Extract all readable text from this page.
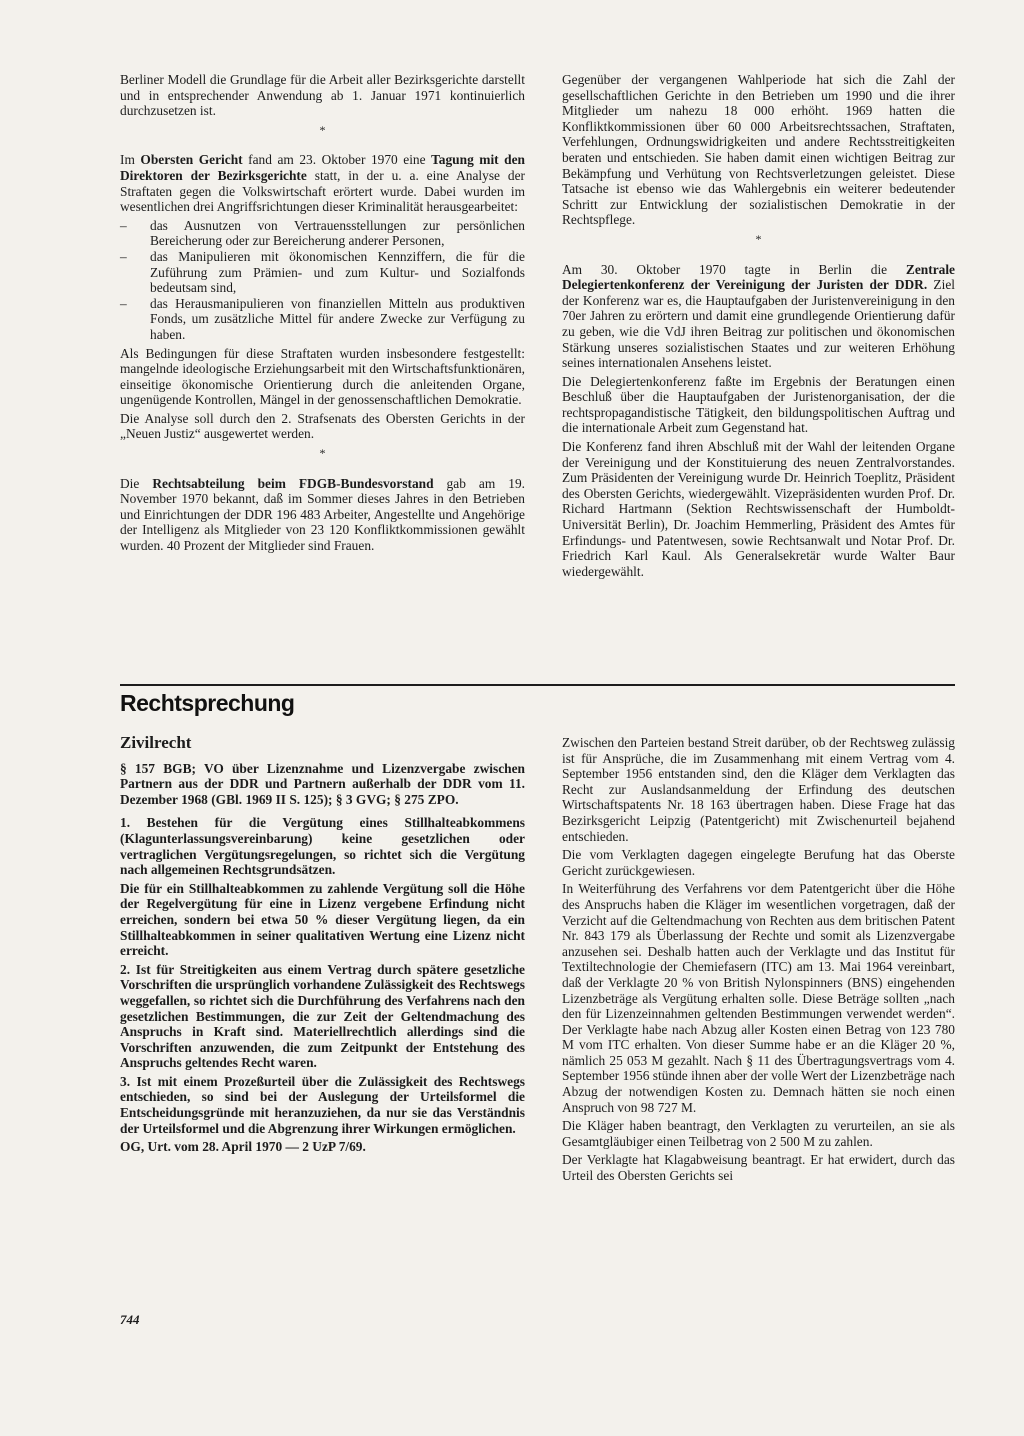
Berliner Modell die Grundlage für die Arbeit aller Bezirksgerichte darstellt und in entsprechender Anwendung ab 1. Januar 1971 kontinuierlich durchzusetzen ist.

*

Im Obersten Gericht fand am 23. Oktober 1970 eine Tagung mit den Direktoren der Bezirksgerichte statt, in der u. a. eine Analyse der Straftaten gegen die Volkswirtschaft erörtert wurde. Dabei wurden im wesentlichen drei Angriffsrichtungen dieser Kriminalität herausgearbeitet:

– das Ausnutzen von Vertrauensstellungen zur persönlichen Bereicherung oder zur Bereicherung anderer Personen,
– das Manipulieren mit ökonomischen Kennziffern, die für die Zuführung zum Prämien- und zum Kultur- und Sozialfonds bedeutsam sind,
– das Herausmanipulieren von finanziellen Mitteln aus produktiven Fonds, um zusätzliche Mittel für andere Zwecke zur Verfügung zu haben.

Als Bedingungen für diese Straftaten wurden insbesondere festgestellt: mangelnde ideologische Erziehungsarbeit mit den Wirtschaftsfunktionären, einseitige ökonomische Orientierung durch die anleitenden Organe, ungenügende Kontrollen, Mängel in der genossenschaftlichen Demokratie.

Die Analyse soll durch den 2. Strafsenats des Obersten Gerichts in der „Neuen Justiz“ ausgewertet werden.

*

Die Rechtsabteilung beim FDGB-Bundesvorstand gab am 19. November 1970 bekannt, daß im Sommer dieses Jahres in den Betrieben und Einrichtungen der DDR 196 483 Arbeiter, Angestellte und Angehörige der Intelligenz als Mitglieder von 23 120 Konfliktkommissionen gewählt wurden. 40 Prozent der Mitglieder sind Frauen.

Gegenüber der vergangenen Wahlperiode hat sich die Zahl der gesellschaftlichen Gerichte in den Betrieben um 1990 und die ihrer Mitglieder um nahezu 18 000 erhöht. 1969 hatten die Konfliktkommissionen über 60 000 Arbeitsrechtssachen, Straftaten, Verfehlungen, Ordnungswidrigkeiten und andere Rechtsstreitigkeiten beraten und entschieden. Sie haben damit einen wichtigen Beitrag zur Bekämpfung und Verhütung von Rechtsverletzungen geleistet. Diese Tatsache ist ebenso wie das Wahlergebnis ein weiterer bedeutender Schritt zur Entwicklung der sozialistischen Demokratie in der Rechtspflege.

*

Am 30. Oktober 1970 tagte in Berlin die Zentrale Delegiertenkonferenz der Vereinigung der Juristen der DDR. Ziel der Konferenz war es, die Hauptaufgaben der Juristenvereinigung in den 70er Jahren zu erörtern und damit eine grundlegende Orientierung dafür zu geben, wie die VdJ ihren Beitrag zur politischen und ökonomischen Stärkung unseres sozialistischen Staates und zur weiteren Erhöhung seines internationalen Ansehens leistet.

Die Delegiertenkonferenz faßte im Ergebnis der Beratungen einen Beschluß über die Hauptaufgaben der Juristenorganisation, der die rechtspropagandistische Tätigkeit, den bildungspolitischen Auftrag und die internationale Arbeit zum Gegenstand hat.

Die Konferenz fand ihren Abschluß mit der Wahl der leitenden Organe der Vereinigung und der Konstituierung des neuen Zentralvorstandes. Zum Präsidenten der Vereinigung wurde Dr. Heinrich Toeplitz, Präsident des Obersten Gerichts, wiedergewählt. Vizepräsidenten wurden Prof. Dr. Richard Hartmann (Sektion Rechtswissenschaft der Humboldt-Universität Berlin), Dr. Joachim Hemmerling, Präsident des Amtes für Erfindungs- und Patentwesen, sowie Rechtsanwalt und Notar Prof. Dr. Friedrich Karl Kaul. Als Generalsekretär wurde Walter Baur wiedergewählt.

Rechtsprechung
Zivilrecht

§ 157 BGB; VO über Lizenznahme und Lizenzvergabe zwischen Partnern aus der DDR und Partnern außerhalb der DDR vom 11. Dezember 1968 (GBl. 1969 II S. 125); § 3 GVG; § 275 ZPO.

1. Bestehen für die Vergütung eines Stillhalteabkommens (Klagunterlassungsvereinbarung) keine gesetzlichen oder vertraglichen Vergütungsregelungen, so richtet sich die Vergütung nach allgemeinen Rechtsgrundsätzen.

Die für ein Stillhalteabkommen zu zahlende Vergütung soll die Höhe der Regelvergütung für eine in Lizenz vergebene Erfindung nicht erreichen, sondern bei etwa 50 % dieser Vergütung liegen, da ein Stillhalteabkommen in seiner qualitativen Wertung eine Lizenz nicht erreicht.

2. Ist für Streitigkeiten aus einem Vertrag durch spätere gesetzliche Vorschriften die ursprünglich vorhandene Zulässigkeit des Rechtswegs weggefallen, so richtet sich die Durchführung des Verfahrens nach den gesetzlichen Bestimmungen, die zur Zeit der Geltendmachung des Anspruchs in Kraft sind. Materiellrechtlich allerdings sind die Vorschriften anzuwenden, die zum Zeitpunkt der Entstehung des Anspruchs geltendes Recht waren.

3. Ist mit einem Prozeßurteil über die Zulässigkeit des Rechtswegs entschieden, so sind bei der Auslegung der Urteilsformel die Entscheidungsgründe mit heranzuziehen, da nur sie das Verständnis der Urteilsformel und die Abgrenzung ihrer Wirkungen ermöglichen.

OG, Urt. vom 28. April 1970 — 2 UzP 7/69.

Zwischen den Parteien bestand Streit darüber, ob der Rechtsweg zulässig ist für Ansprüche, die im Zusammenhang mit einem Vertrag vom 4. September 1956 entstanden sind, den die Kläger dem Verklagten das Recht zur Auslandsanmeldung der Erfindung des deutschen Wirtschaftspatents Nr. 18 163 übertragen haben. Diese Frage hat das Bezirksgericht Leipzig (Patentgericht) mit Zwischenurteil bejahend entschieden.

Die vom Verklagten dagegen eingelegte Berufung hat das Oberste Gericht zurückgewiesen.

In Weiterführung des Verfahrens vor dem Patentgericht über die Höhe des Anspruchs haben die Kläger im wesentlichen vorgetragen, daß der Verzicht auf die Geltendmachung von Rechten aus dem britischen Patent Nr. 843 179 als Überlassung der Rechte und somit als Lizenzvergabe anzusehen sei. Deshalb hatten auch der Verklagte und das Institut für Textiltechnologie der Chemiefasern (ITC) am 13. Mai 1964 vereinbart, daß der Verklagte 20 % von British Nylonspinners (BNS) eingehenden Lizenzbeträge als Vergütung erhalten solle. Diese Beträge sollten „nach den für Lizenzeinnahmen geltenden Bestimmungen verwendet werden“. Der Verklagte habe nach Abzug aller Kosten einen Betrag von 123 780 M vom ITC erhalten. Von dieser Summe habe er an die Kläger 20 %, nämlich 25 053 M gezahlt. Nach § 11 des Übertragungsvertrags vom 4. September 1956 stünde ihnen aber der volle Wert der Lizenzbeträge nach Abzug der notwendigen Kosten zu. Demnach hätten sie noch einen Anspruch von 98 727 M.

Die Kläger haben beantragt, den Verklagten zu verurteilen, an sie als Gesamtgläubiger einen Teilbetrag von 2 500 M zu zahlen.

Der Verklagte hat Klagabweisung beantragt. Er hat erwidert, durch das Urteil des Obersten Gerichts sei

744
